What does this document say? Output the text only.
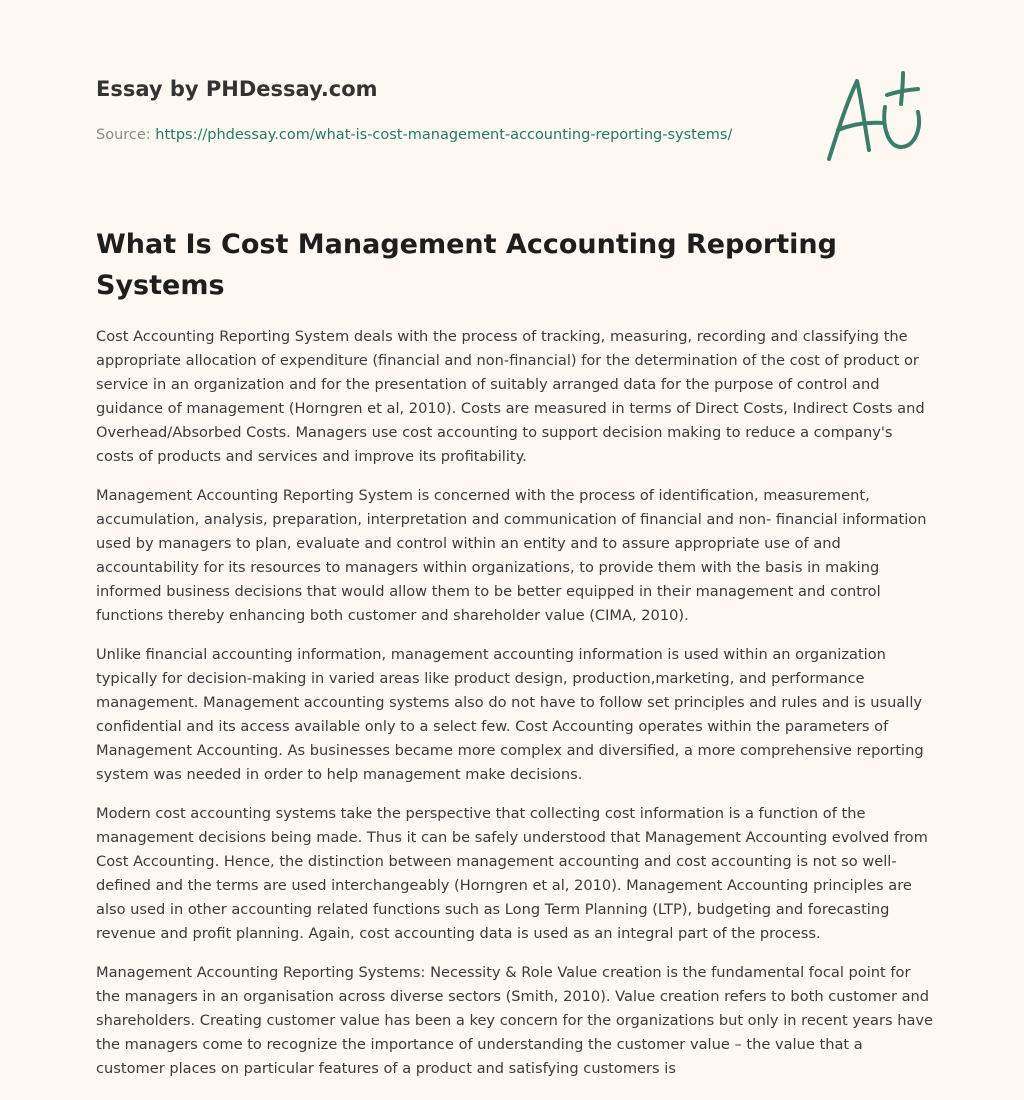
Essay by PHDessay.com

Source: https://phdessay.com/what-is-cost-management-accounting-reporting-systems/
What Is Cost Management Accounting Reporting Systems

Cost Accounting Reporting System deals with the process of tracking, measuring, recording and classifying the appropriate allocation of expenditure (financial and non-financial) for the determination of the cost of product or service in an organization and for the presentation of suitably arranged data for the purpose of control and guidance of management (Horngren et al, 2010). Costs are measured in terms of Direct Costs, Indirect Costs and Overhead/Absorbed Costs. Managers use cost accounting to support decision making to reduce a company's costs of products and services and improve its profitability.

Management Accounting Reporting System is concerned with the process of identification, measurement, accumulation, analysis, preparation, interpretation and communication of financial and non- financial information used by managers to plan, evaluate and control within an entity and to assure appropriate use of and accountability for its resources to managers within organizations, to provide them with the basis in making informed business decisions that would allow them to be better equipped in their management and control functions thereby enhancing both customer and shareholder value (CIMA, 2010).

Unlike financial accounting information, management accounting information is used within an organization typically for decision-making in varied areas like product design, production,marketing, and performance management. Management accounting systems also do not have to follow set principles and rules and is usually confidential and its access available only to a select few. Cost Accounting operates within the parameters of Management Accounting. As businesses became more complex and diversified, a more comprehensive reporting system was needed in order to help management make decisions.

Modern cost accounting systems take the perspective that collecting cost information is a function of the management decisions being made. Thus it can be safely understood that Management Accounting evolved from Cost Accounting. Hence, the distinction between management accounting and cost accounting is not so well-defined and the terms are used interchangeably (Horngren et al, 2010). Management Accounting principles are also used in other accounting related functions such as Long Term Planning (LTP), budgeting and forecasting revenue and profit planning. Again, cost accounting data is used as an integral part of the process.

Management Accounting Reporting Systems: Necessity & Role Value creation is the fundamental focal point for the managers in an organisation across diverse sectors (Smith, 2010). Value creation refers to both customer and shareholders. Creating customer value has been a key concern for the organizations but only in recent years have the managers come to recognize the importance of understanding the customer value – the value that a customer places on particular features of a product and satisfying customers is
